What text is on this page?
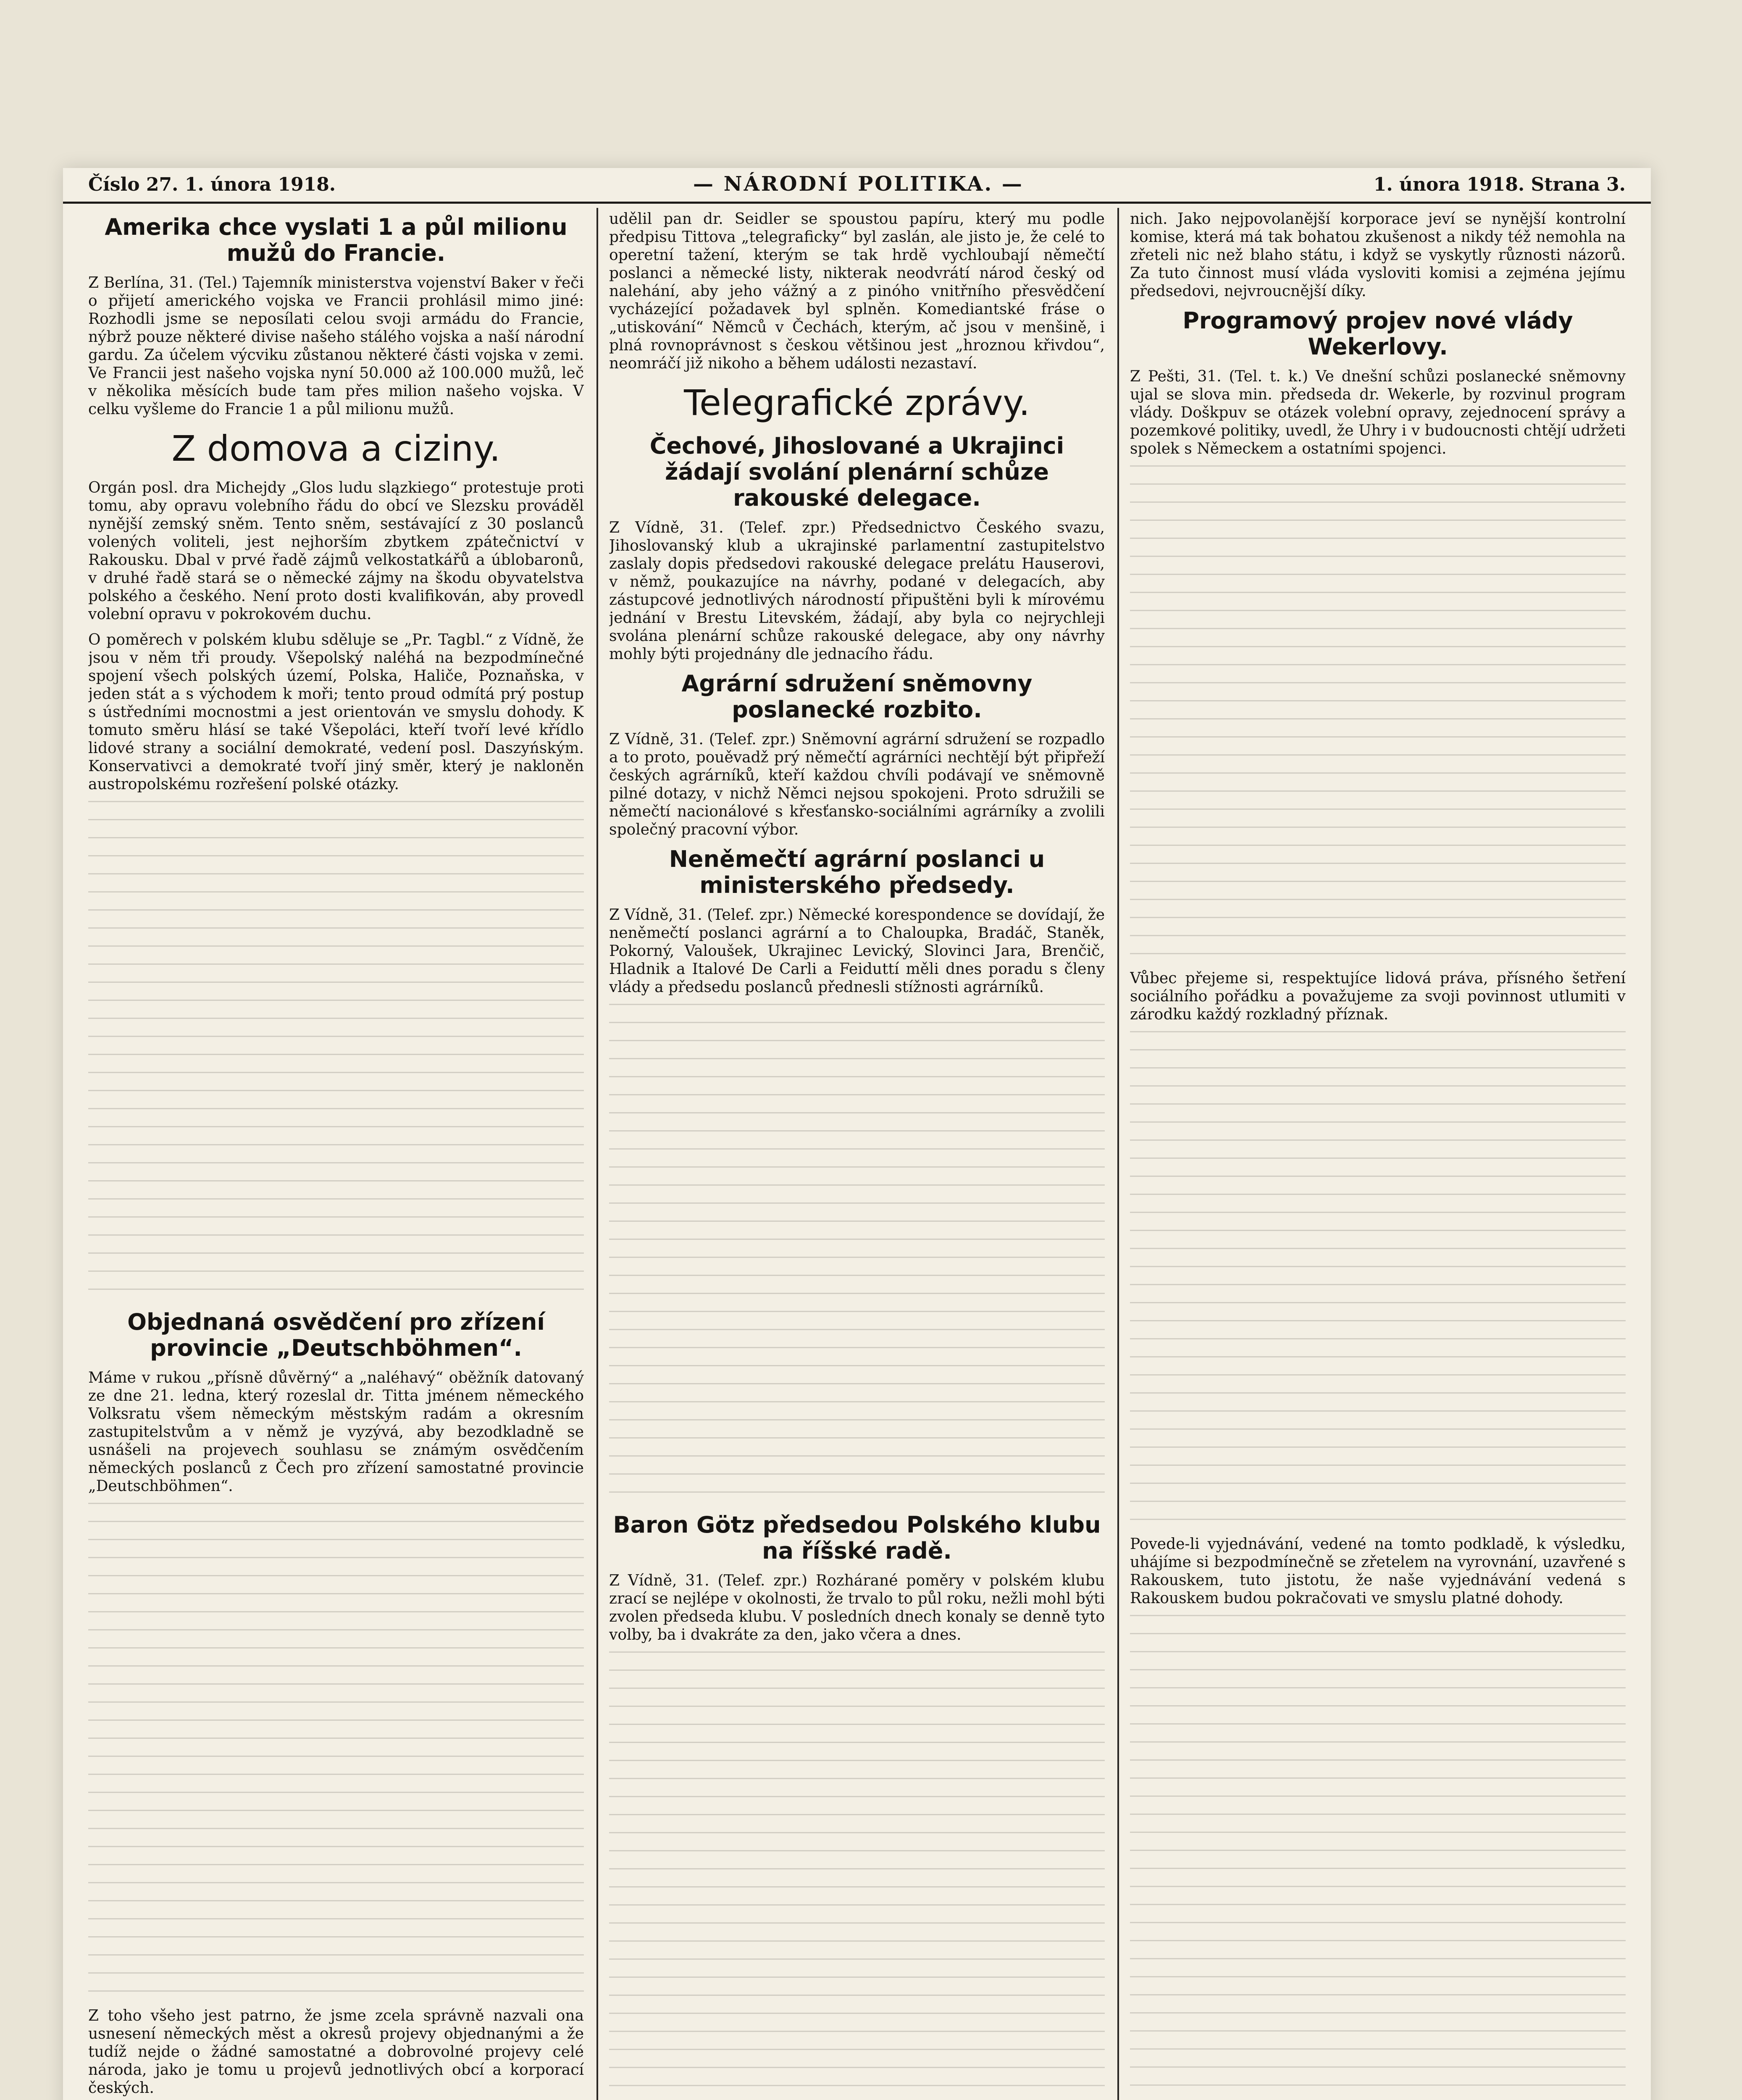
Číslo 27. 1. února 1918.	— NÁRODNÍ POLITIKA. —	1. února 1918. Strana 3.
Amerika chce vyslati 1 a půl milionu mužů do Francie.

Z Berlína, 31. (Tel.) Tajemník ministerstva vojenství Baker v řeči o přijetí amerického vojska ve Francii prohlásil mimo jiné: Rozhodli jsme se neposílati celou svoji armádu do Francie, nýbrž pouze některé divise našeho stálého vojska a naší národní gardu. Za účelem výcviku zůstanou některé části vojska v zemi. Ve Francii jest našeho vojska nyní 50.000 až 100.000 mužů, leč v několika měsících bude tam přes milion našeho vojska. V celku vyšleme do Francie 1 a půl milionu mužů.

Z domova a ciziny.

Orgán posl. dra Michejdy „Glos ludu slązkiego“ protestuje proti tomu, aby opravu volebního řádu do obcí ve Slezsku prováděl nynější zemský sněm. Tento sněm, sestávající z 30 poslanců volených voliteli, jest nejhorším zbytkem zpátečnictví v Rakousku. Dbal v prvé řadě zájmů velkostatkářů a úblobaronů, v druhé řadě stará se o německé zájmy na škodu obyvatelstva polského a českého. Není proto dosti kvalifikován, aby provedl volební opravu v pokrokovém duchu.

O poměrech v polském klubu sděluje se „Pr. Tagbl.“ z Vídně, že jsou v něm tři proudy. Všepolský naléhá na bezpodmínečné spojení všech polských území, Polska, Haliče, Poznaňska, v jeden stát a s východem k moři; tento proud odmítá prý postup s ústředními mocnostmi a jest orientován ve smyslu dohody. K tomuto směru hlásí se také Všepoláci, kteří tvoří levé křídlo lidové strany a sociální demokraté, vedení posl. Daszyńským. Konservativci a demokraté tvoří jiný směr, který je nakloněn austropolskému rozřešení polské otázky.

Objednaná osvědčení pro zřízení provincie „Deutschböhmen“.

Máme v rukou „přísně důvěrný“ a „naléhavý“ oběžník datovaný ze dne 21. ledna, který rozeslal dr. Titta jménem německého Volksratu všem německým městským radám a okresním zastupitelstvům a v němž je vyzývá, aby bezodkladně se usnášeli na projevech souhlasu se známým osvědčením německých poslanců z Čech pro zřízení samostatné provincie „Deutschböhmen“.

Z toho všeho jest patrno, že jsme zcela správně nazvali ona usnesení německých měst a okresů projevy objednanými a že tudíž nejde o žádné samostatné a dobrovolné projevy celé národa, jako je tomu u projevů jednotlivých obcí a korporací českých.

udělil pan dr. Seidler se spoustou papíru, který mu podle předpisu Tittova „telegraficky“ byl zaslán, ale jisto je, že celé to operetní tažení, kterým se tak hrdě vychloubají němečtí poslanci a německé listy, nikterak neodvrátí národ český od nalehání, aby jeho vážný a z pinóho vnitřního přesvědčení vycházející požadavek byl splněn. Komediantské fráse o „utiskování“ Němců v Čechách, kterým, ač jsou v menšině, i plná rovnoprávnost s českou většinou jest „hroznou křivdou“, neomráčí již nikoho a během události nezastaví.

Telegrafické zprávy.
Čechové, Jihoslované a Ukrajinci žádají svolání plenární schůze rakouské delegace.

Z Vídně, 31. (Telef. zpr.) Předsednictvo Českého svazu, Jihoslovanský klub a ukrajinské parlamentní zastupitelstvo zaslaly dopis předsedovi rakouské delegace prelátu Hauserovi, v němž, poukazujíce na návrhy, podané v delegacích, aby zástupcové jednotlivých národností připuštěni byli k mírovému jednání v Brestu Litevském, žádají, aby byla co nejrychleji svolána plenární schůze rakouské delegace, aby ony návrhy mohly býti projednány dle jednacího řádu.

Agrární sdružení sněmovny poslanecké rozbito.

Z Vídně, 31. (Telef. zpr.) Sněmovní agrární sdružení se rozpadlo a to proto, pouěvadž prý němečtí agrárníci nechtějí být připřeží českých agrárníků, kteří každou chvíli podávají ve sněmovně pilné dotazy, v nichž Němci nejsou spokojeni. Proto sdružili se němečtí nacionálové s křesťansko-sociálními agrárníky a zvolili společný pracovní výbor.

Neněmečtí agrární poslanci u ministerského předsedy.

Z Vídně, 31. (Telef. zpr.) Německé korespondence se dovídají, že neněmečtí poslanci agrární a to Chaloupka, Bradáč, Staněk, Pokorný, Valoušek, Ukrajinec Levický, Slovinci Jara, Brenčič, Hladnik a Italové De Carli a Feiduttí měli dnes poradu s členy vlády a předsedu poslanců přednesli stížnosti agrárníků.

Baron Götz předsedou Polského klubu na říšské radě.

Z Vídně, 31. (Telef. zpr.) Rozhárané poměry v polském klubu zrací se nejlépe v okolnosti, že trvalo to půl roku, nežli mohl býti zvolen předseda klubu. V posledních dnech konaly se denně tyto volby, ba i dvakráte za den, jako včera a dnes.

nich. Jako nejpovolanější korporace jeví se nynější kontrolní komise, která má tak bohatou zkušenost a nikdy též nemohla na zřeteli nic než blaho státu, i když se vyskytly různosti názorů. Za tuto činnost musí vláda vysloviti komisi a zejména jejímu předsedovi, nejvroucnější díky.

Programový projev nové vlády Wekerlovy.

Z Pešti, 31. (Tel. t. k.) Ve dnešní schůzi poslanecké sněmovny ujal se slova min. předseda dr. Wekerle, by rozvinul program vlády. Doškpuv se otázek volební opravy, zejednocení správy a pozemkové politiky, uvedl, že Uhry i v budoucnosti chtějí udržeti spolek s Německem a ostatními spojenci.

Vůbec přejeme si, respektujíce lidová práva, přísného šetření sociálního pořádku a považujeme za svoji povinnost utlumiti v zárodku každý rozkladný příznak.

Povede-li vyjednávání, vedené na tomto podkladě, k výsledku, uhájíme si bezpodmínečně se zřetelem na vyrovnání, uzavřené s Rakouskem, tuto jistotu, že naše vyjednávání vedená s Rakouskem budou pokračovati ve smyslu platné dohody.
